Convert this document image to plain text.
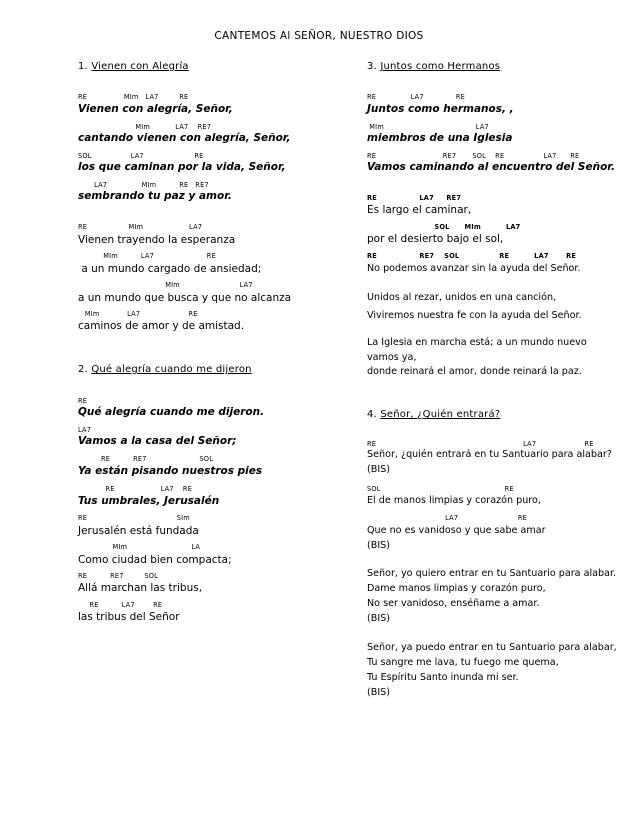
CANTEMOS Al SEÑOR, NUESTRO DIOS
1. Vienen con Alegría
RE                MIm   LA7         RE
Vienen con alegría, Señor,
MIm           LA7    RE7
cantando vienen con alegría, Señor,
SOL                 LA7                      RE
los que caminan por la vida, Señor,
LA7               MIm          RE   RE7
sembrando tu paz y amor.
RE                  MIm                    LA7
Vienen trayendo la esperanza
MIm          LA7                       RE
a un mundo cargado de ansiedad;
MIm                          LA7
a un mundo que busca y que no alcanza
MIm            LA7                     RE
caminos de amor y de amistad.
2. Qué alegría cuando me dijeron
RE
Qué alegría cuando me dijeron.
LA7
Vamos a la casa del Señor;
RE          RE7                       SOL
Ya están pisando nuestros pies
RE                    LA7    RE
Tus umbrales, Jerusalén
RE                                       SIm
Jerusalén está fundada
MIm                            LA
Como ciudad bien compacta;
RE          RE7         SOL
Allá marchan las tribus,
RE          LA7        RE
las tribus del Señor
3. Juntos como Hermanos
RE               LA7              RE
Juntos como hermanos, ,
MIm                                        LA7
miembros de una Iglesia
RE                             RE7       SOL    RE                 LA7      RE
Vamos caminando al encuentro del Señor.
RE                 LA7     RE7
Es largo el caminar,
SOL      MIm          LA7
por el desierto bajo el sol,
RE                 RE7    SOL                RE          LA7       RE
No podemos avanzar sin la ayuda del Señor.
Unidos al rezar, unidos en una canción,
Viviremos nuestra fe con la ayuda del Señor.
La Iglesia en marcha está; a un mundo nuevo
vamos ya,
donde reinará el amor, donde reinará la paz.
4. Señor, ¿Quién entrará?
RE                                                                LA7                     RE
Señor, ¿quién entrará en tu Santuario para alabar?
(BIS)
SOL                                                      RE
El de manos limpias y corazón puro,
LA7                          RE
Que no es vanidoso y que sabe amar
(BIS)
Señor, yo quiero entrar en tu Santuario para alabar.
Dame manos limpias y corazón puro,
No ser vanidoso, enséñame a amar.
(BIS)
Señor, ya puedo entrar en tu Santuario para alabar,
Tu sangre me lava, tu fuego me quema,
Tu Espíritu Santo inunda mi ser.
(BIS)
